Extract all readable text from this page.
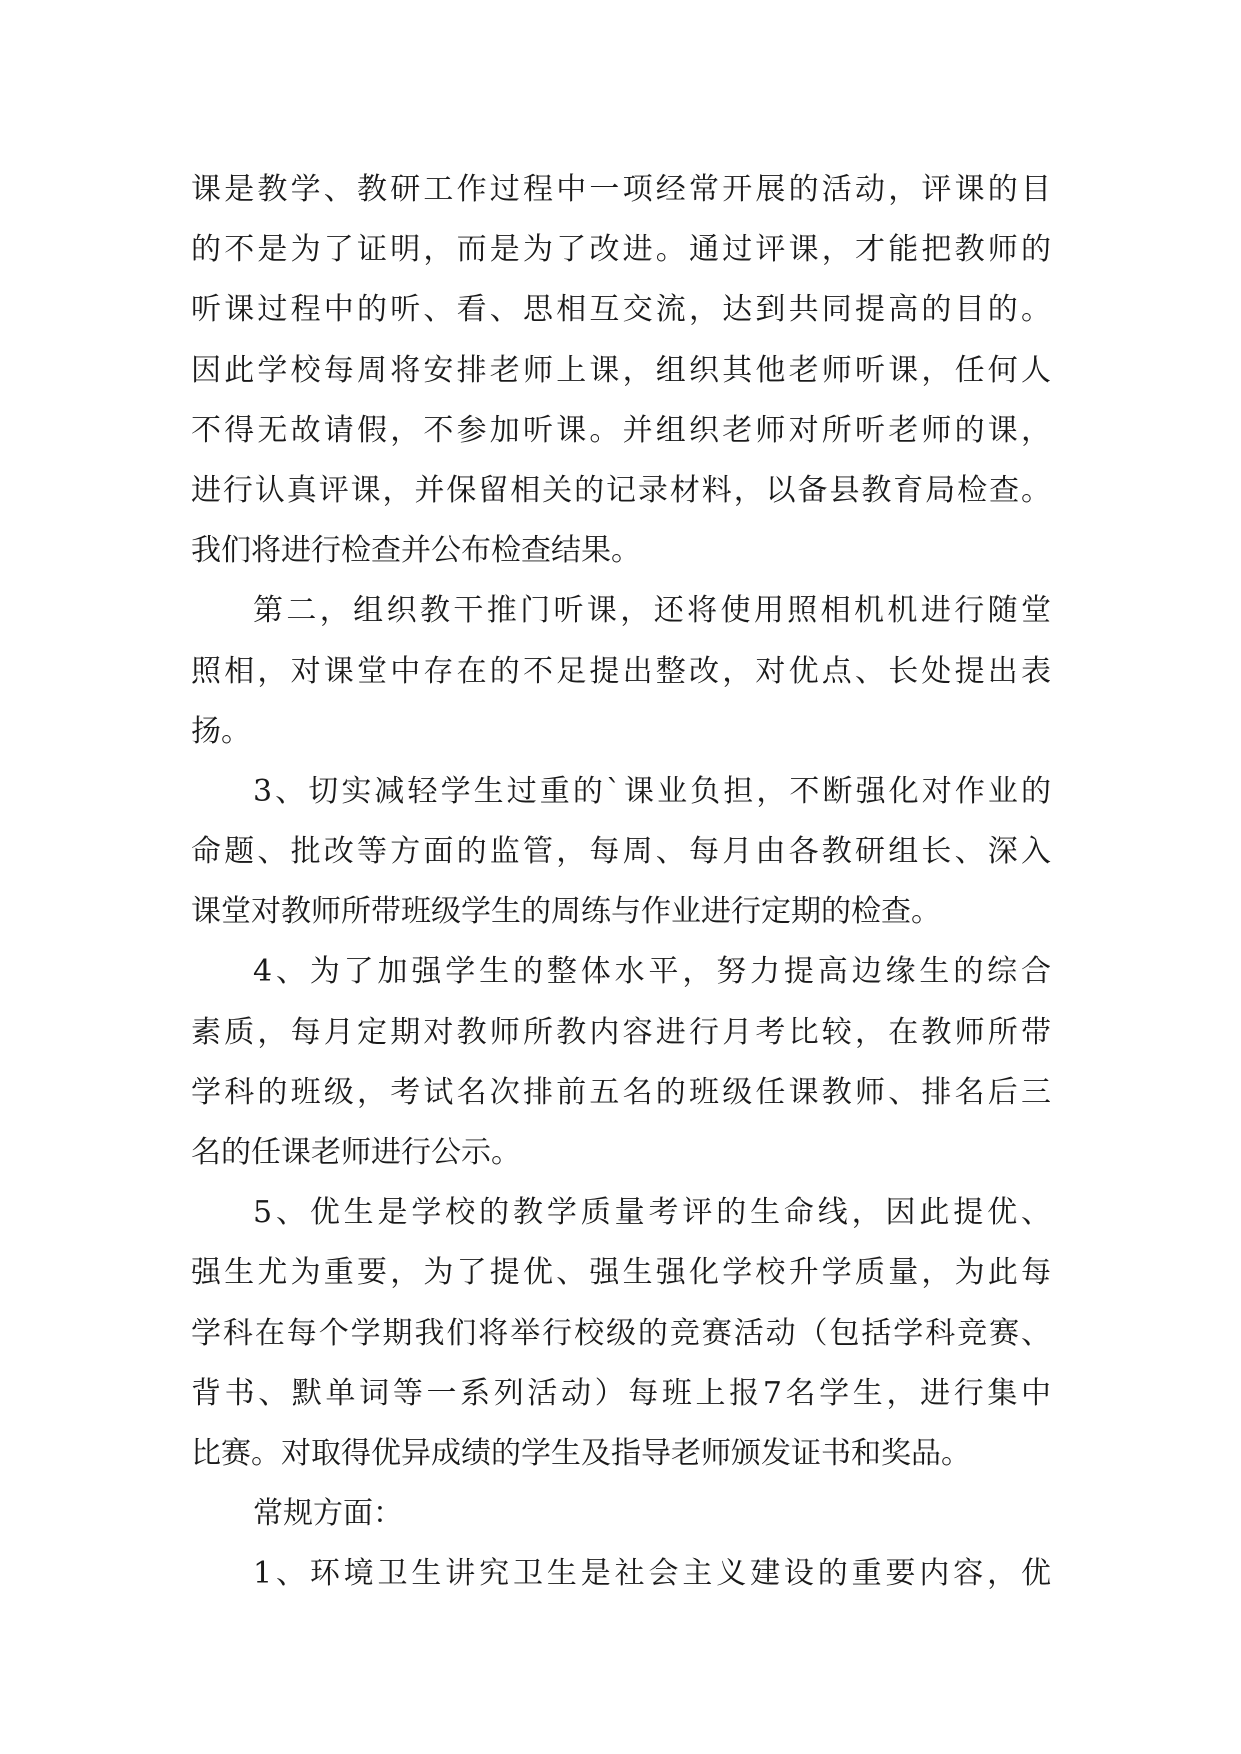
课是教学、教研工作过程中一项经常开展的活动，评课的目
的不是为了证明，而是为了改进。通过评课，才能把教师的
听课过程中的听、看、思相互交流，达到共同提高的目的。
因此学校每周将安排老师上课，组织其他老师听课，任何人
不得无故请假，不参加听课。并组织老师对所听老师的课，
进行认真评课，并保留相关的记录材料，以备县教育局检查。
我们将进行检查并公布检查结果。
第二，组织教干推门听课，还将使用照相机机进行随堂
照相，对课堂中存在的不足提出整改，对优点、长处提出表
扬。
3、切实减轻学生过重的`课业负担，不断强化对作业的
命题、批改等方面的监管，每周、每月由各教研组长、深入
课堂对教师所带班级学生的周练与作业进行定期的检查。
4、为了加强学生的整体水平，努力提高边缘生的综合
素质，每月定期对教师所教内容进行月考比较，在教师所带
学科的班级，考试名次排前五名的班级任课教师、排名后三
名的任课老师进行公示。
5、优生是学校的教学质量考评的生命线，因此提优、
强生尤为重要，为了提优、强生强化学校升学质量，为此每
学科在每个学期我们将举行校级的竞赛活动（包括学科竞赛、
背书、默单词等一系列活动）每班上报7名学生，进行集中
比赛。对取得优异成绩的学生及指导老师颁发证书和奖品。
常规方面：
1、环境卫生讲究卫生是社会主义建设的重要内容，优
